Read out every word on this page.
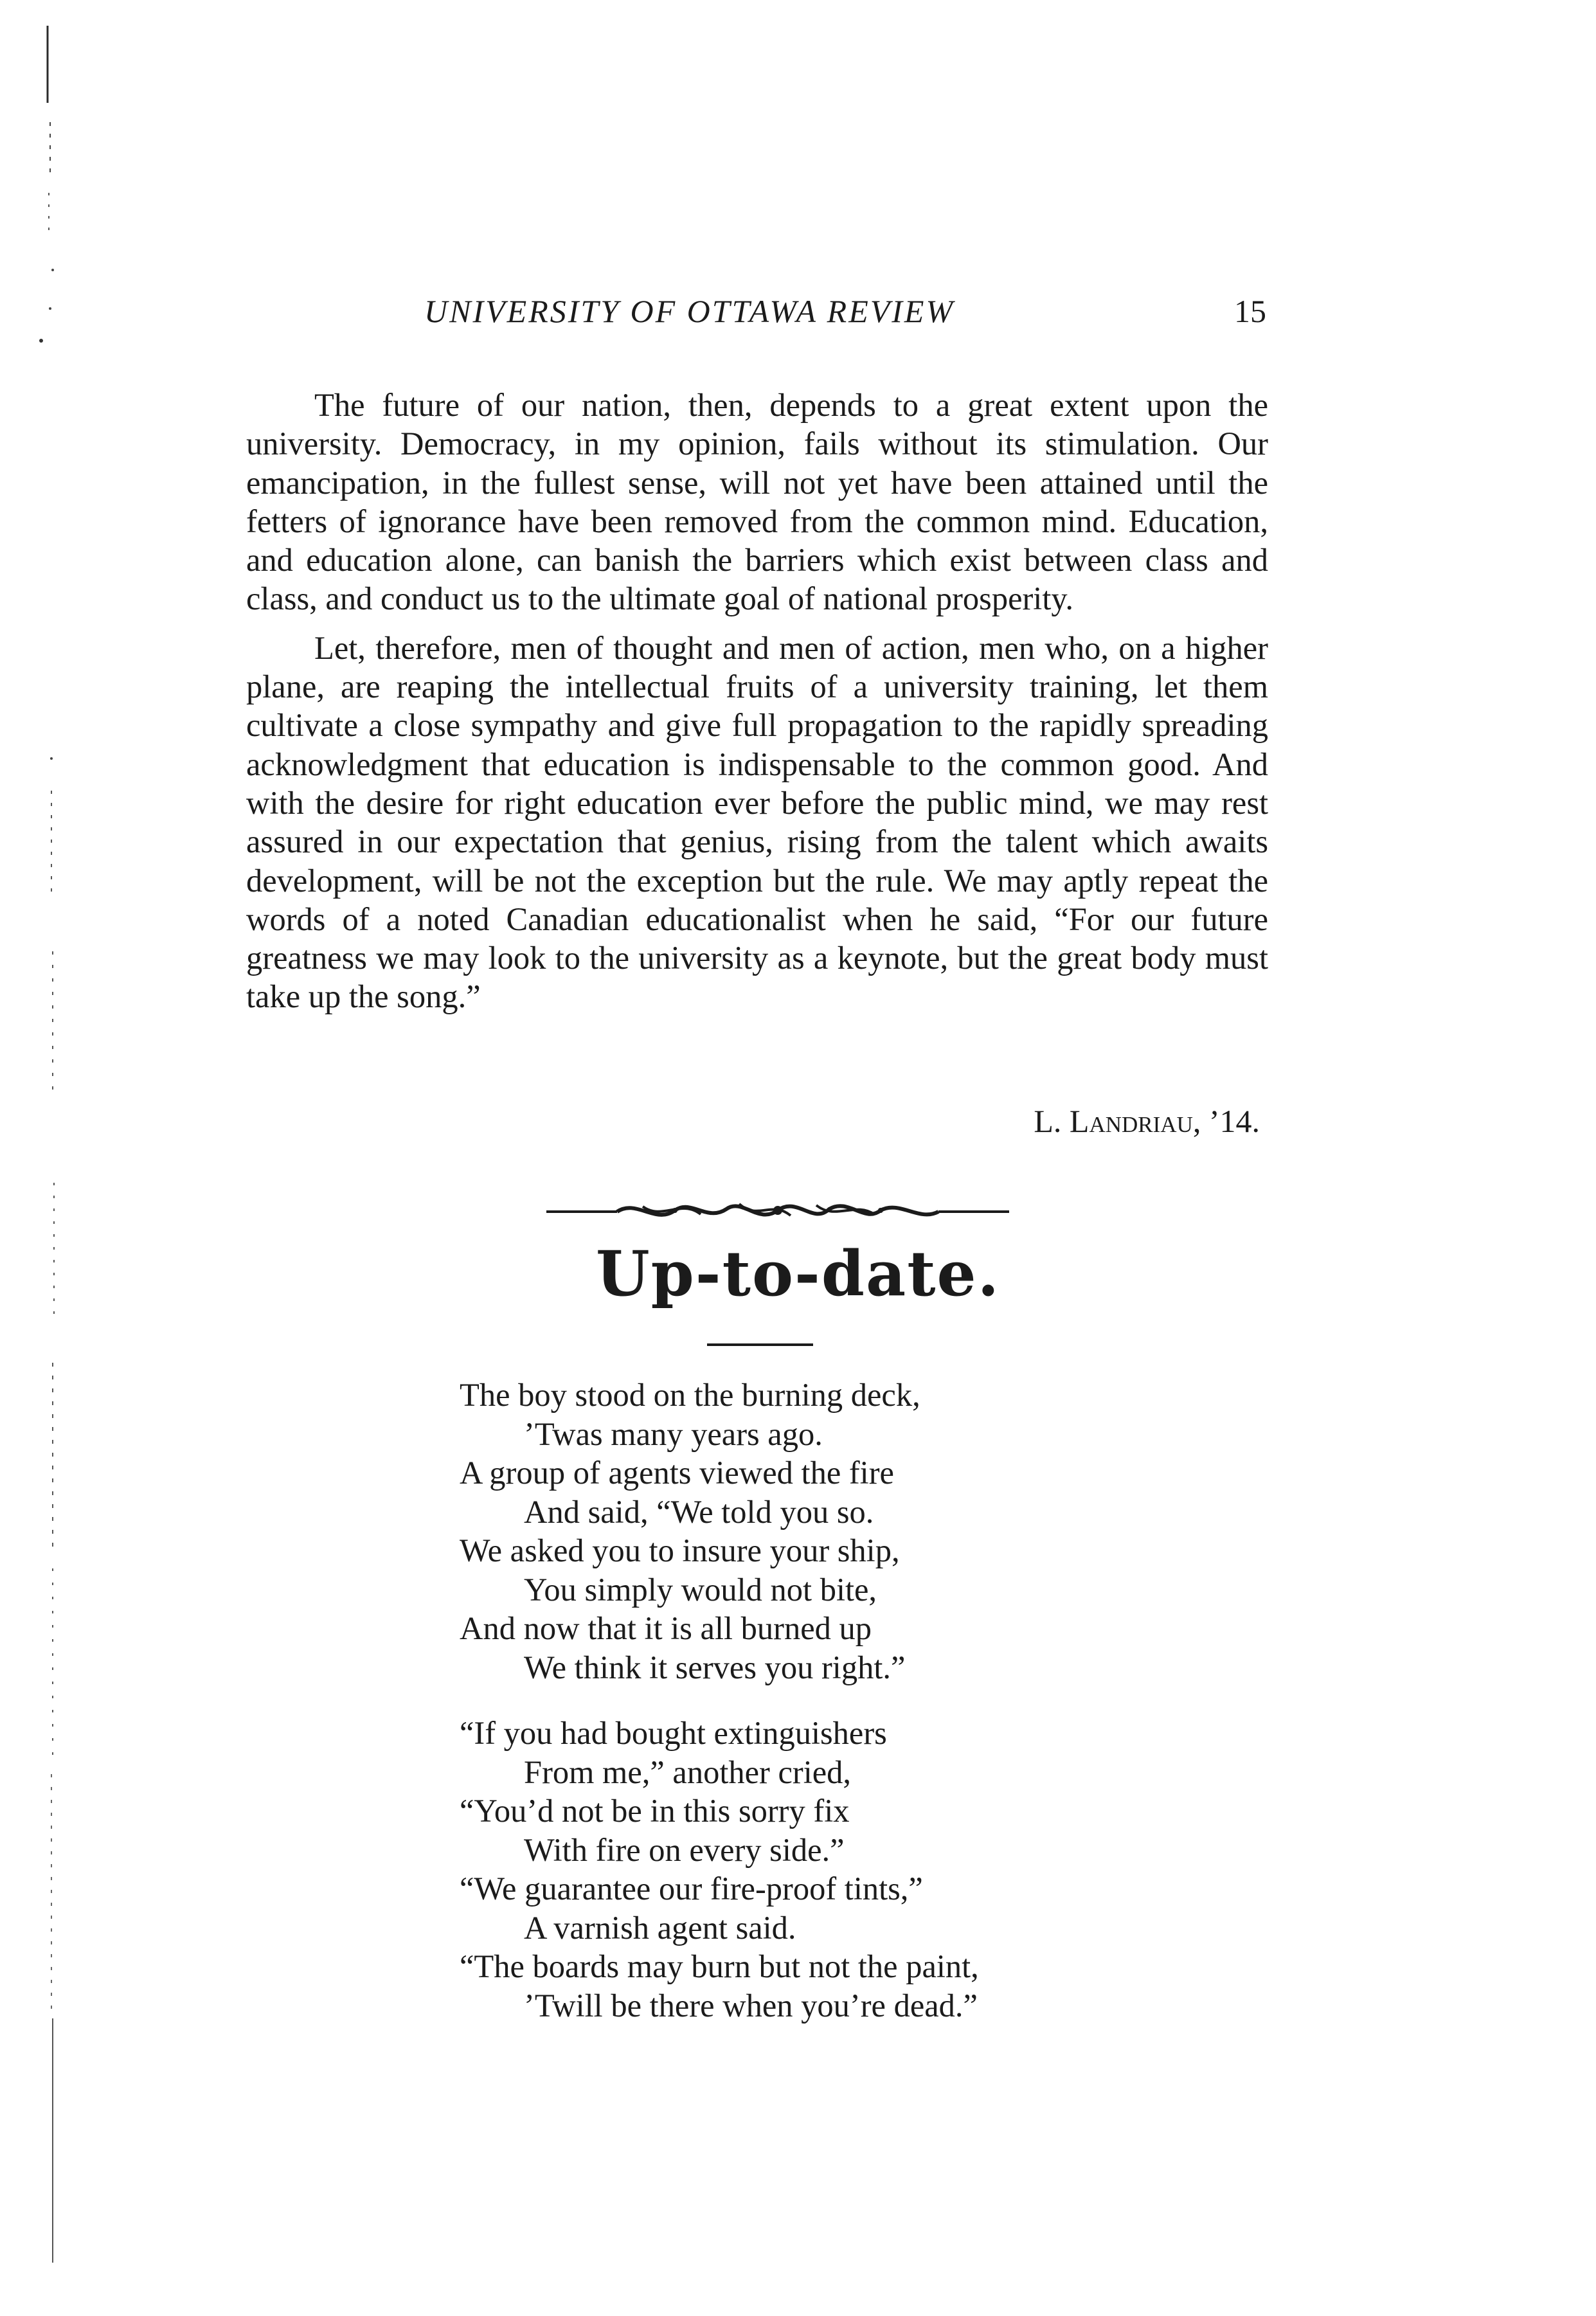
UNIVERSITY OF OTTAWA REVIEW	15

The future of our nation, then, depends to a great extent upon the university. Democracy, in my opinion, fails without its stimulation. Our emancipation, in the fullest sense, will not yet have been attained until the fetters of ignorance have been removed from the common mind. Education, and education alone, can banish the barriers which exist between class and class, and conduct us to the ultimate goal of national prosperity.

Let, therefore, men of thought and men of action, men who, on a higher plane, are reaping the intellectual fruits of a university training, let them cultivate a close sympathy and give full propagation to the rapidly spreading acknowledgment that education is indispensable to the common good. And with the desire for right education ever before the public mind, we may rest assured in our expectation that genius, rising from the talent which awaits development, will be not the exception but the rule. We may aptly repeat the words of a noted Canadian educationalist when he said, “For our future greatness we may look to the university as a keynote, but the great body must take up the song.”

L. Landriau, ’14.
Up-to-date.
The boy stood on the burning deck,
’Twas many years ago.
A group of agents viewed the fire
And said, “We told you so.
We asked you to insure your ship,
You simply would not bite,
And now that it is all burned up
We think it serves you right.”
“If you had bought extinguishers
From me,” another cried,
“You’d not be in this sorry fix
With fire on every side.”
“We guarantee our fire-proof tints,”
A varnish agent said.
“The boards may burn but not the paint,
’Twill be there when you’re dead.”
